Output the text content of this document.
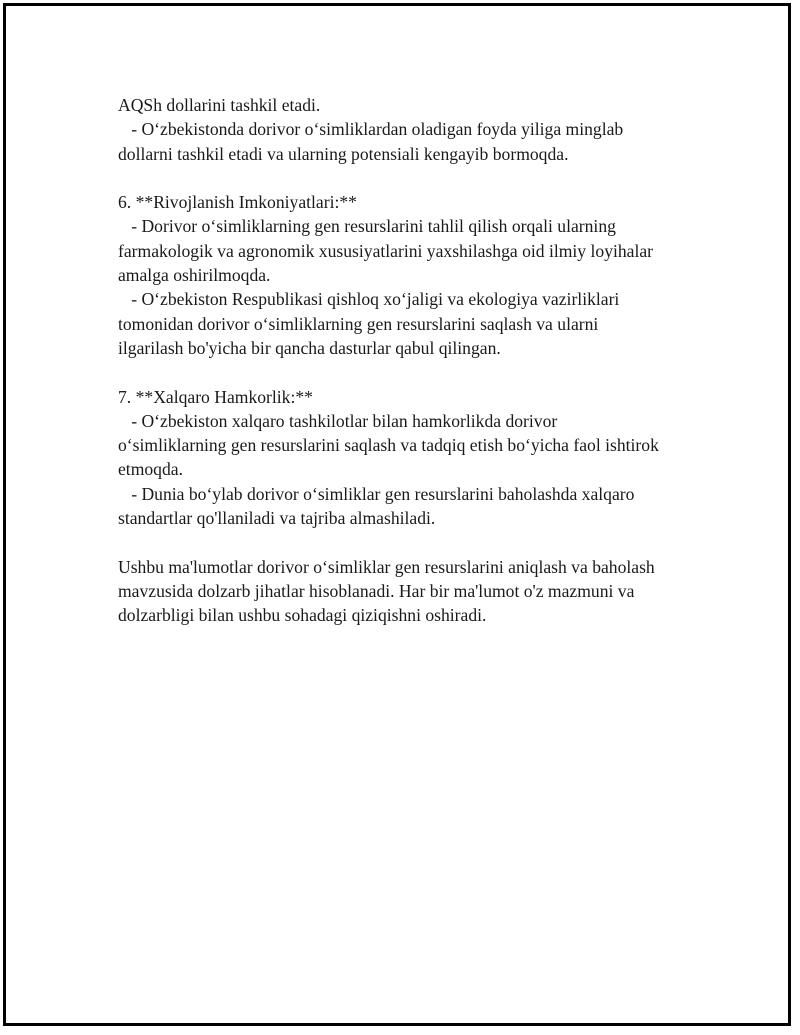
AQSh dollarini tashkil etadi.
- O‘zbekistonda dorivor o‘simliklardan oladigan foyda yiliga minglab
dollarni tashkil etadi va ularning potensiali kengayib bormoqda.
6. **Rivojlanish Imkoniyatlari:**
- Dorivor o‘simliklarning gen resurslarini tahlil qilish orqali ularning
farmakologik va agronomik xususiyatlarini yaxshilashga oid ilmiy loyihalar
amalga oshirilmoqda.
- O‘zbekiston Respublikasi qishloq xo‘jaligi va ekologiya vazirliklari
tomonidan dorivor o‘simliklarning gen resurslarini saqlash va ularni
ilgarilash bo'yicha bir qancha dasturlar qabul qilingan.
7. **Xalqaro Hamkorlik:**
- O‘zbekiston xalqaro tashkilotlar bilan hamkorlikda dorivor
o‘simliklarning gen resurslarini saqlash va tadqiq etish bo‘yicha faol ishtirok
etmoqda.
- Dunia bo‘ylab dorivor o‘simliklar gen resurslarini baholashda xalqaro
standartlar qo'llaniladi va tajriba almashiladi.
Ushbu ma'lumotlar dorivor o‘simliklar gen resurslarini aniqlash va baholash
mavzusida dolzarb jihatlar hisoblanadi. Har bir ma'lumot o'z mazmuni va
dolzarbligi bilan ushbu sohadagi qiziqishni oshiradi.
